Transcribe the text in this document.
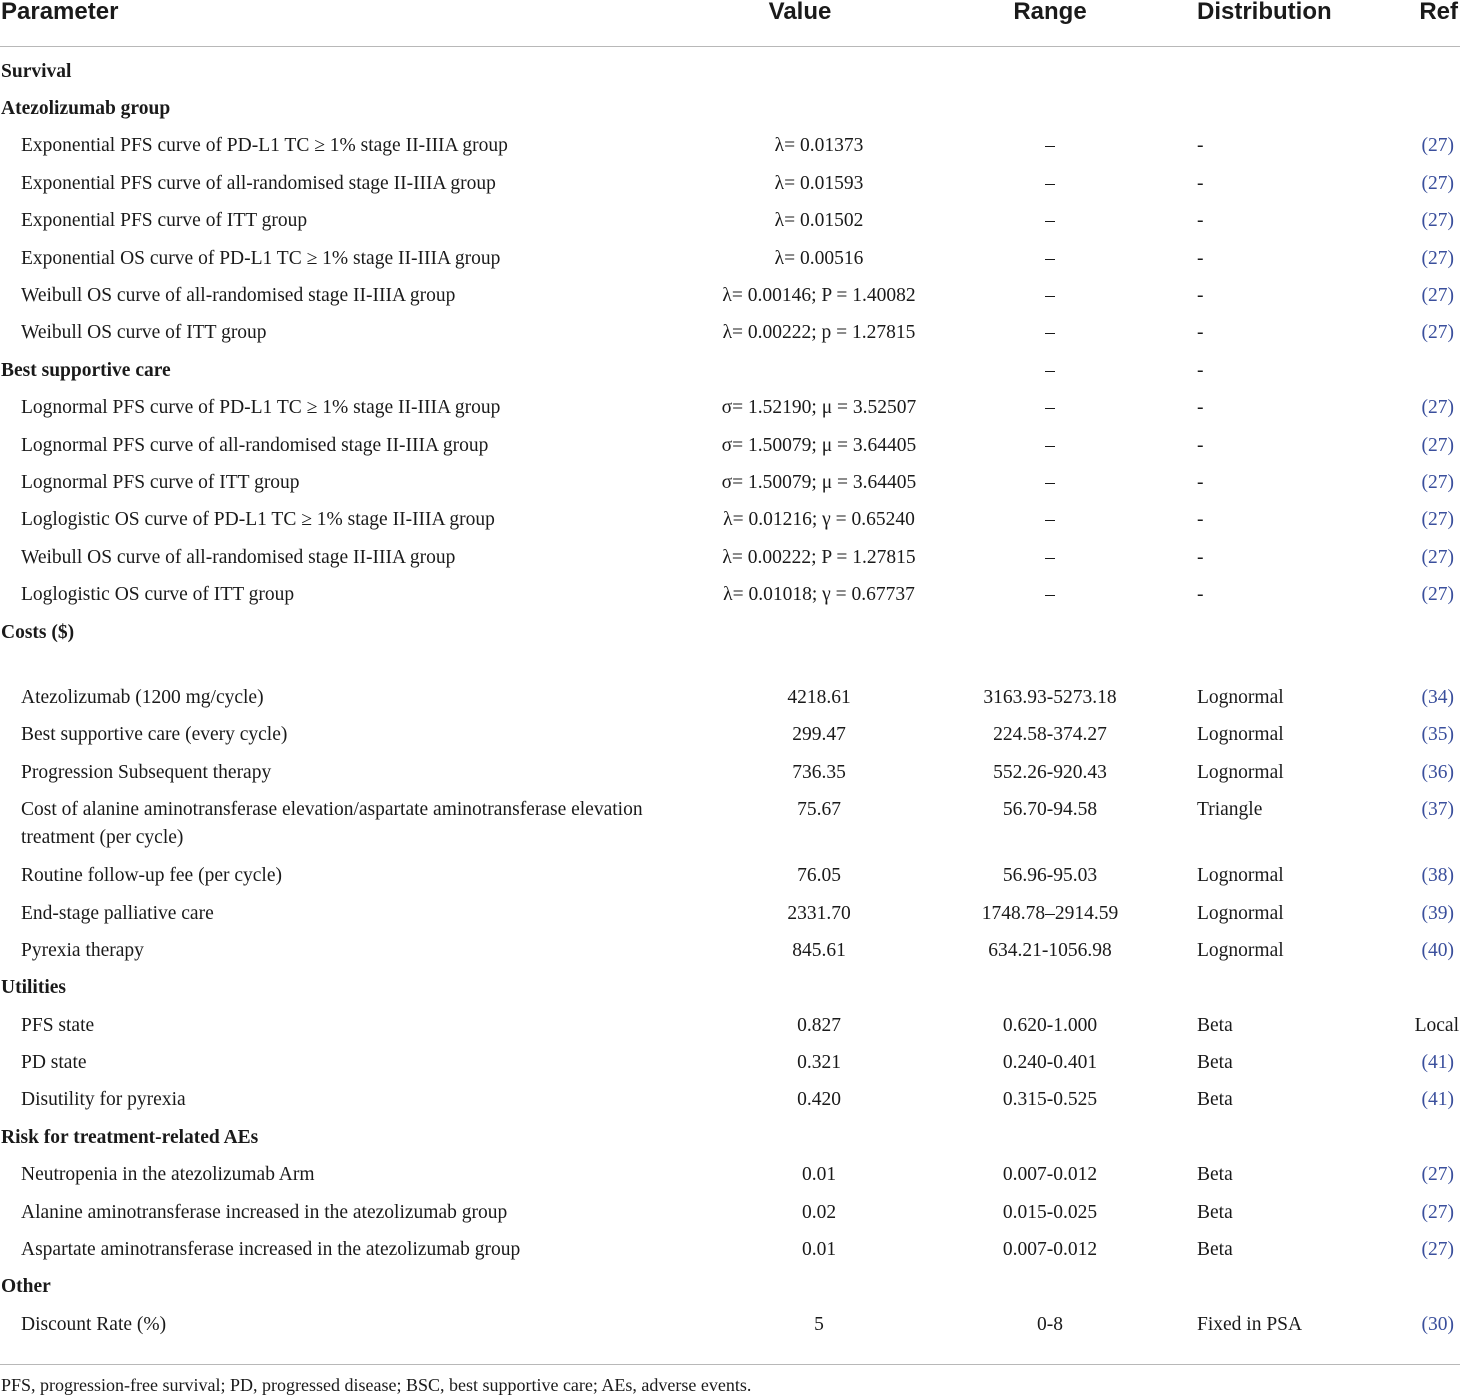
Parameter	Value	Range	Distribution	Ref
Survival				
Atezolizumab group				
Exponential PFS curve of PD-L1 TC ≥ 1% stage II-IIIA group	λ= 0.01373	–	-	(27)
Exponential PFS curve of all-randomised stage II-IIIA group	λ= 0.01593	–	-	(27)
Exponential PFS curve of ITT group	λ= 0.01502	–	-	(27)
Exponential OS curve of PD-L1 TC ≥ 1% stage II-IIIA group	λ= 0.00516	–	-	(27)
Weibull OS curve of all-randomised stage II-IIIA group	λ= 0.00146; P = 1.40082	–	-	(27)
Weibull OS curve of ITT group	λ= 0.00222; p = 1.27815	–	-	(27)
Best supportive care		–	-	
Lognormal PFS curve of PD-L1 TC ≥ 1% stage II-IIIA group	σ= 1.52190; μ = 3.52507	–	-	(27)
Lognormal PFS curve of all-randomised stage II-IIIA group	σ= 1.50079; μ = 3.64405	–	-	(27)
Lognormal PFS curve of ITT group	σ= 1.50079; μ = 3.64405	–	-	(27)
Loglogistic OS curve of PD-L1 TC ≥ 1% stage II-IIIA group	λ= 0.01216; γ = 0.65240	–	-	(27)
Weibull OS curve of all-randomised stage II-IIIA group	λ= 0.00222; P = 1.27815	–	-	(27)
Loglogistic OS curve of ITT group	λ= 0.01018; γ = 0.67737	–	-	(27)
Costs ($)				

Atezolizumab (1200 mg/cycle)	4218.61	3163.93-5273.18	Lognormal	(34)
Best supportive care (every cycle)	299.47	224.58-374.27	Lognormal	(35)
Progression Subsequent therapy	736.35	552.26-920.43	Lognormal	(36)
Cost of alanine aminotransferase elevation/aspartate aminotransferase elevation treatment (per cycle)	75.67	56.70-94.58	Triangle	(37)
Routine follow-up fee (per cycle)	76.05	56.96-95.03	Lognormal	(38)
End-stage palliative care	2331.70	1748.78–2914.59	Lognormal	(39)
Pyrexia therapy	845.61	634.21-1056.98	Lognormal	(40)
Utilities				
PFS state	0.827	0.620-1.000	Beta	Local
PD state	0.321	0.240-0.401	Beta	(41)
Disutility for pyrexia	0.420	0.315-0.525	Beta	(41)
Risk for treatment-related AEs				
Neutropenia in the atezolizumab Arm	0.01	0.007-0.012	Beta	(27)
Alanine aminotransferase increased in the atezolizumab group	0.02	0.015-0.025	Beta	(27)
Aspartate aminotransferase increased in the atezolizumab group	0.01	0.007-0.012	Beta	(27)
Other				
Discount Rate (%)	5	0-8	Fixed in PSA	(30)
PFS, progression-free survival; PD, progressed disease; BSC, best supportive care; AEs, adverse events.
